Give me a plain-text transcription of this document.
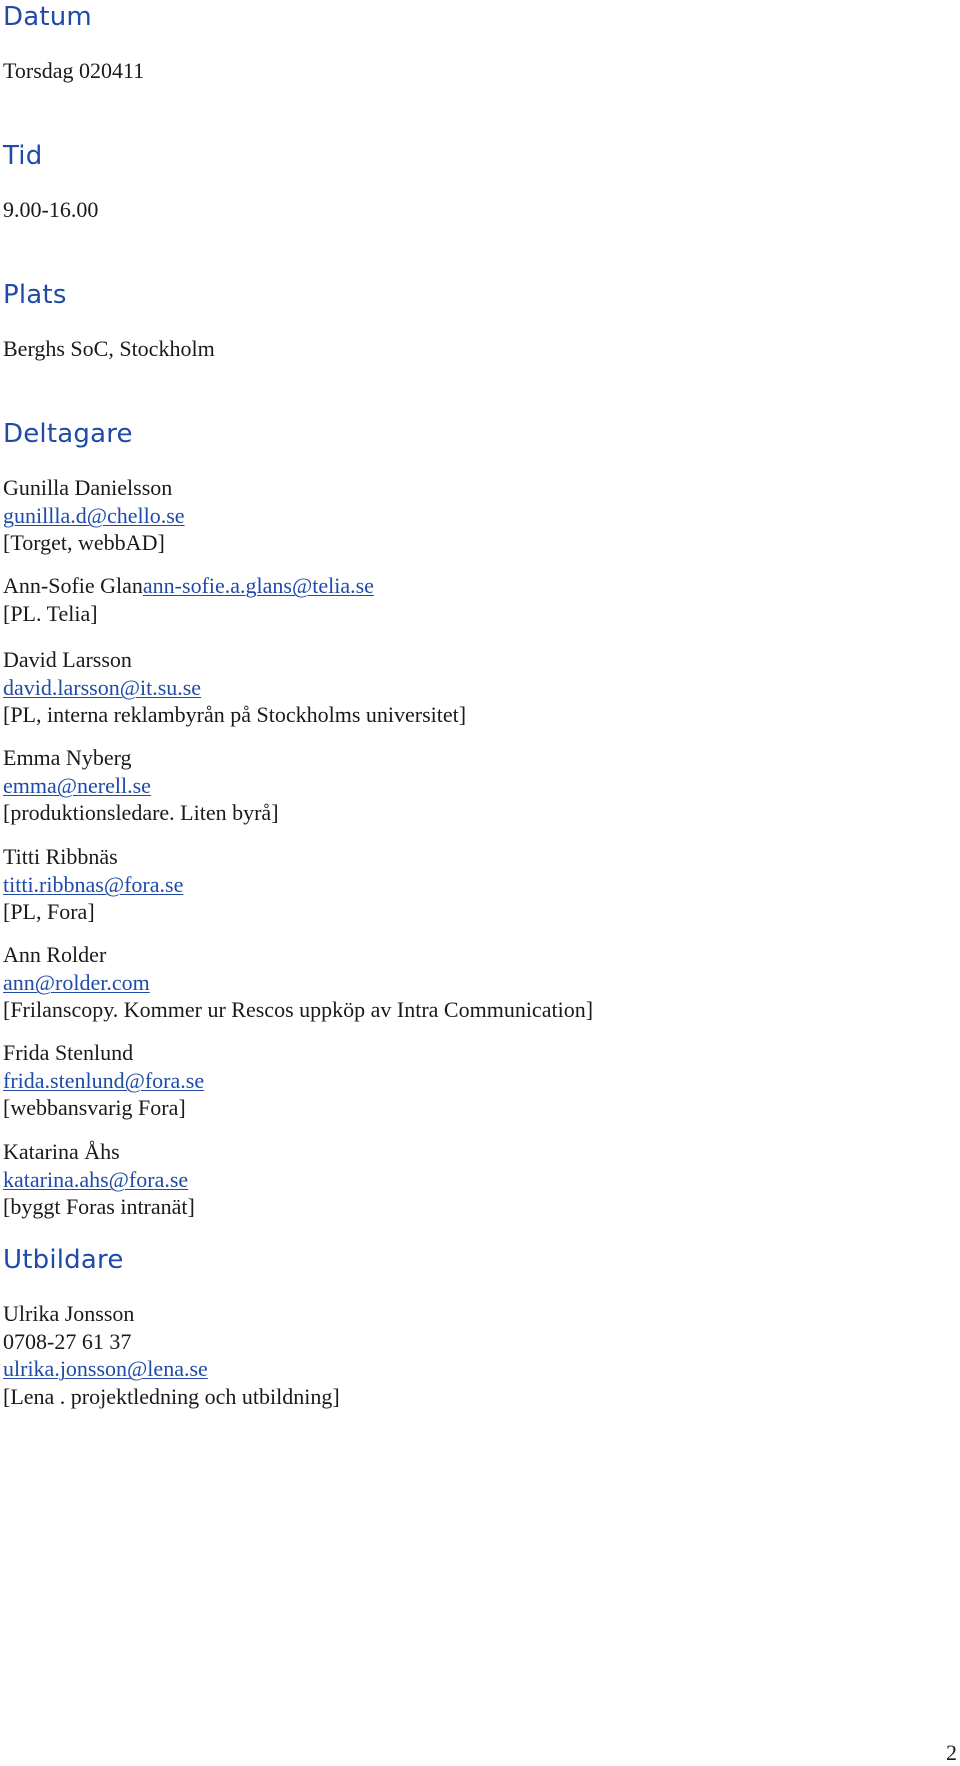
Datum

Torsdag 020411

Tid

9.00-16.00

Plats

Berghs SoC, Stockholm

Deltagare
Gunilla Danielsson
gunillla.d@chello.se
[Torget, webbAD]
Ann-Sofie Glanann-sofie.a.glans@telia.se
[PL. Telia]
David Larsson
david.larsson@it.su.se
[PL, interna reklambyrån på Stockholms universitet]
Emma Nyberg
emma@nerell.se
[produktionsledare. Liten byrå]
Titti Ribbnäs
titti.ribbnas@fora.se
[PL, Fora]
Ann Rolder
ann@rolder.com
[Frilanscopy. Kommer ur Rescos uppköp av Intra Communication]
Frida Stenlund
frida.stenlund@fora.se
[webbansvarig Fora]
Katarina Åhs
katarina.ahs@fora.se
[byggt Foras intranät]
Utbildare
Ulrika Jonsson
0708-27 61 37
ulrika.jonsson@lena.se
[Lena . projektledning och utbildning]
2
